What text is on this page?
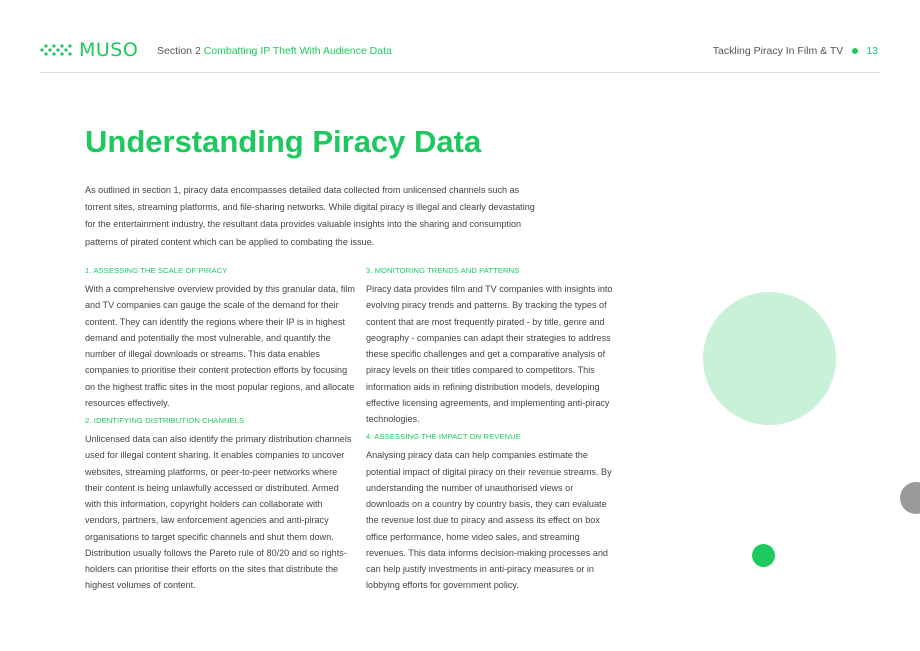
MUSO Section 2 Combatting IP Theft With Audience Data	Tackling Piracy In Film & TV 13
Understanding Piracy Data

As outlined in section 1, piracy data encompasses detailed data collected from unlicensed channels such as torrent sites, streaming platforms, and file-sharing networks. While digital piracy is illegal and clearly devastating for the entertainment industry, the resultant data provides valuable insights into the sharing and consumption patterns of pirated content which can be applied to combating the issue.

1. ASSESSING THE SCALE OF PIRACY

With a comprehensive overview provided by this granular data, film and TV companies can gauge the scale of the demand for their content. They can identify the regions where their IP is in highest demand and potentially the most vulnerable, and quantify the number of illegal downloads or streams. This data enables companies to prioritise their content protection efforts by focusing on the highest traffic sites in the most popular regions, and allocate resources effectively.

2. IDENTIFYING DISTRIBUTION CHANNELS

Unlicensed data can also identify the primary distribution channels used for illegal content sharing. It enables companies to uncover websites, streaming platforms, or peer-to-peer networks where their content is being unlawfully accessed or distributed. Armed with this information, copyright holders can collaborate with vendors, partners, law enforcement agencies and anti-piracy organisations to target specific channels and shut them down. Distribution usually follows the Pareto rule of 80/20 and so rights-holders can prioritise their efforts on the sites that distribute the highest volumes of content.

3. MONITORING TRENDS AND PATTERNS

Piracy data provides film and TV companies with insights into evolving piracy trends and patterns. By tracking the types of content that are most frequently pirated - by title, genre and geography - companies can adapt their strategies to address these specific challenges and get a comparative analysis of piracy levels on their titles compared to competitors. This information aids in refining distribution models, developing effective licensing agreements, and implementing anti-piracy technologies.

4. ASSESSING THE IMPACT ON REVENUE

Analysing piracy data can help companies estimate the potential impact of digital piracy on their revenue streams. By understanding the number of unauthorised views or downloads on a country by country basis, they can evaluate the revenue lost due to piracy and assess its effect on box office performance, home video sales, and streaming revenues. This data informs decision-making processes and can help justify investments in anti-piracy measures or in lobbying efforts for government policy.
